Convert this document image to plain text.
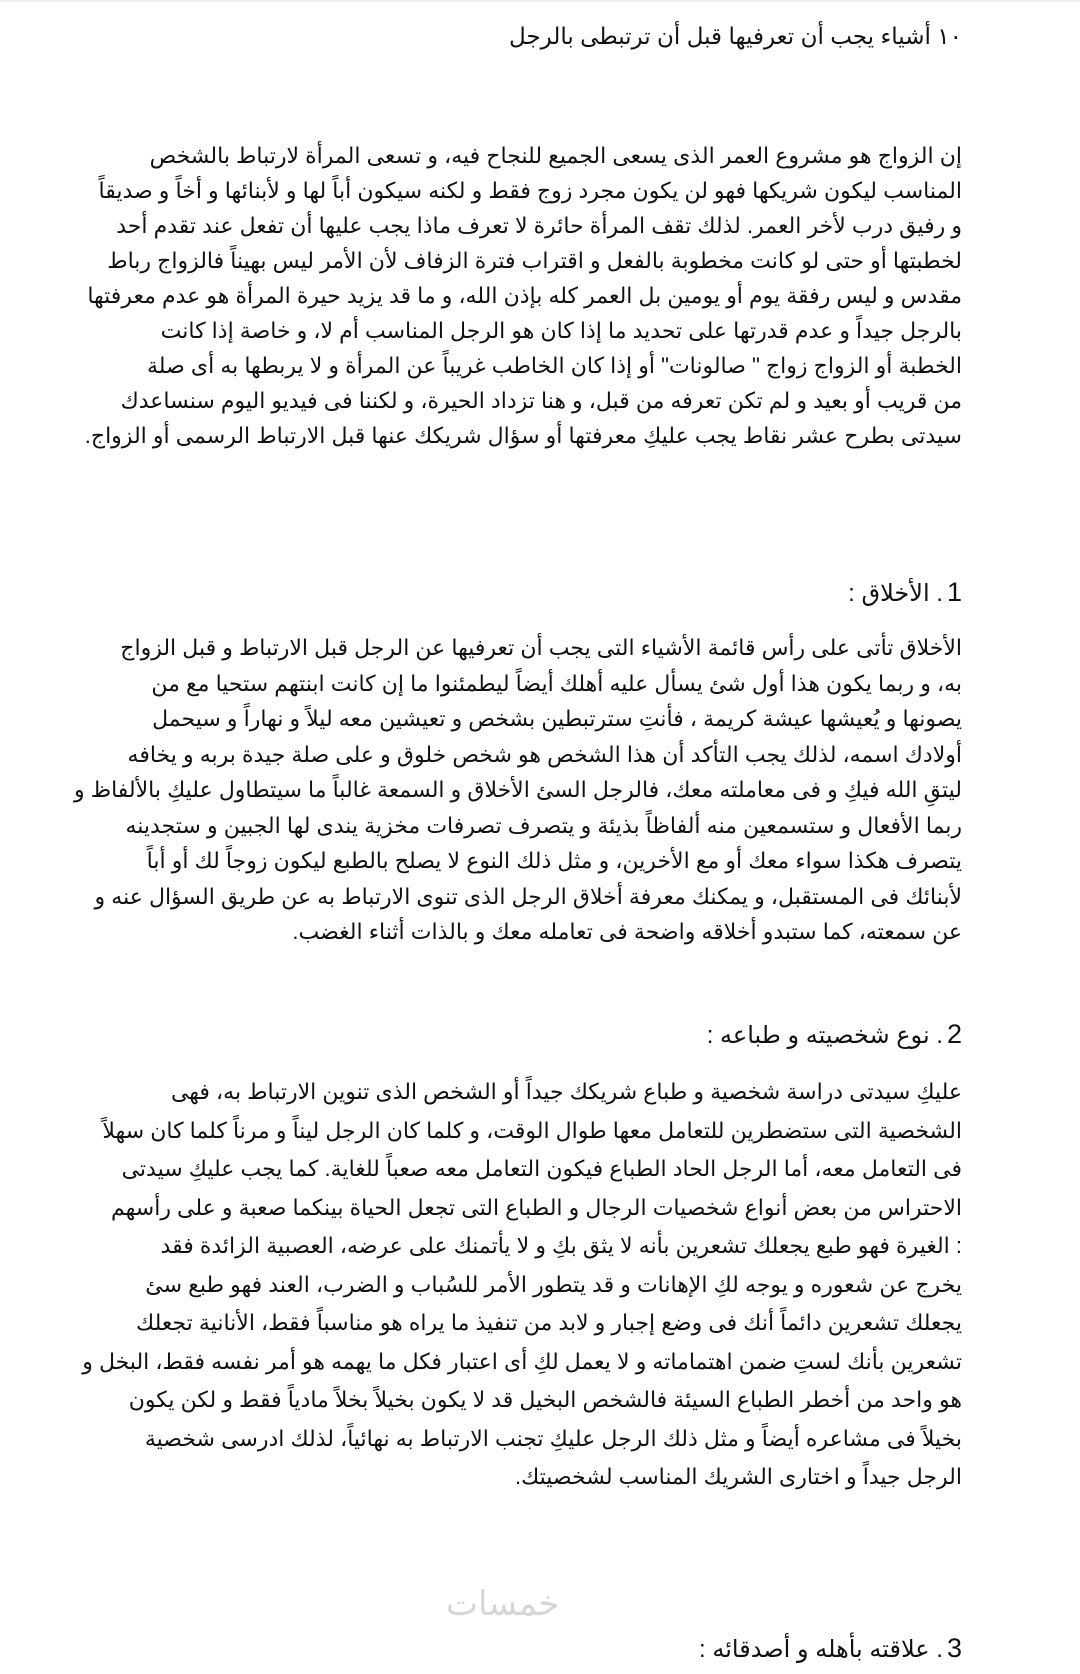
١٠ أشياء يجب أن تعرفيها قبل أن ترتبطى بالرجل
إن الزواج هو مشروع العمر الذى يسعى الجميع للنجاح فيه، و تسعى المرأة لارتباط بالشخص
المناسب ليكون شريكها فهو لن يكون مجرد زوج فقط و لكنه سيكون أباً لها و لأبنائها و أخاً و صديقاً
و رفيق درب لأخر العمر. لذلك تقف المرأة حائرة لا تعرف ماذا يجب عليها أن تفعل عند تقدم أحد
لخطبتها أو حتى لو كانت مخطوبة بالفعل و اقتراب فترة الزفاف لأن الأمر ليس بهيناً فالزواج رباط
مقدس و ليس رفقة يوم أو يومين بل العمر كله بإذن الله، و ما قد يزيد حيرة المرأة هو عدم معرفتها
بالرجل جيداً و عدم قدرتها على تحديد ما إذا كان هو الرجل المناسب أم لا، و خاصة إذا كانت
الخطبة أو الزواج زواج " صالونات" أو إذا كان الخاطب غريباً عن المرأة و لا يربطها به أى صلة
من قريب أو بعيد و لم تكن تعرفه من قبل، و هنا تزداد الحيرة، و لكننا فى فيديو اليوم سنساعدك
سيدتى بطرح عشر نقاط يجب عليكِ معرفتها أو سؤال شريكك عنها قبل الارتباط الرسمى أو الزواج.
1. الأخلاق :
الأخلاق تأتى على رأس قائمة الأشياء التى يجب أن تعرفيها عن الرجل قبل الارتباط و قبل الزواج
به، و ربما يكون هذا أول شئ يسأل عليه أهلك أيضاً ليطمئنوا ما إن كانت ابنتهم ستحيا مع من
يصونها و يُعيشها عيشة كريمة ، فأنتِ سترتبطين بشخص و تعيشين معه ليلاً و نهاراً و سيحمل
أولادك اسمه، لذلك يجب التأكد أن هذا الشخص هو شخص خلوق و على صلة جيدة بربه و يخافه
ليتقِ الله فيكِ و فى معاملته معك، فالرجل السئ الأخلاق و السمعة غالباً ما سيتطاول عليكِ بالألفاظ و
ربما الأفعال و ستسمعين منه ألفاظاً بذيئة و يتصرف تصرفات مخزية يندى لها الجبين و ستجدينه
يتصرف هكذا سواء معك أو مع الأخرين، و مثل ذلك النوع لا يصلح بالطبع ليكون زوجاً لك أو أباً
لأبنائك فى المستقبل، و يمكنك معرفة أخلاق الرجل الذى تنوى الارتباط به عن طريق السؤال عنه و
عن سمعته، كما ستبدو أخلاقه واضحة فى تعامله معك و بالذات أثناء الغضب.
2. نوع شخصيته و طباعه :
عليكِ سيدتى دراسة شخصية و طباع شريكك جيداً أو الشخص الذى تنوين الارتباط به، فهى
الشخصية التى ستضطرين للتعامل معها طوال الوقت، و كلما كان الرجل ليناً و مرناً كلما كان سهلاً
فى التعامل معه، أما الرجل الحاد الطباع فيكون التعامل معه صعباً للغاية. كما يجب عليكِ سيدتى
الاحتراس من بعض أنواع شخصيات الرجال و الطباع التى تجعل الحياة بينكما صعبة و على رأسهم
: الغيرة فهو طبع يجعلك تشعرين بأنه لا يثق بكِ و لا يأتمنك على عرضه، العصبية الزائدة فقد
يخرج عن شعوره و يوجه لكِ الإهانات و قد يتطور الأمر للسُباب و الضرب، العند فهو طبع سئ
يجعلك تشعرين دائماً أنك فى وضع إجبار و لابد من تنفيذ ما يراه هو مناسباً فقط، الأنانية تجعلك
تشعرين بأنك لستِ ضمن اهتماماته و لا يعمل لكِ أى اعتبار فكل ما يهمه هو أمر نفسه فقط، البخل و
هو واحد من أخطر الطباع السيئة فالشخص البخيل قد لا يكون بخيلاً بخلاً مادياً فقط و لكن يكون
بخيلاً فى مشاعره أيضاً و مثل ذلك الرجل عليكِ تجنب الارتباط به نهائياً، لذلك ادرسى شخصية
الرجل جيداً و اختارى الشريك المناسب لشخصيتك.
خمسات
3. علاقته بأهله و أصدقائه :
